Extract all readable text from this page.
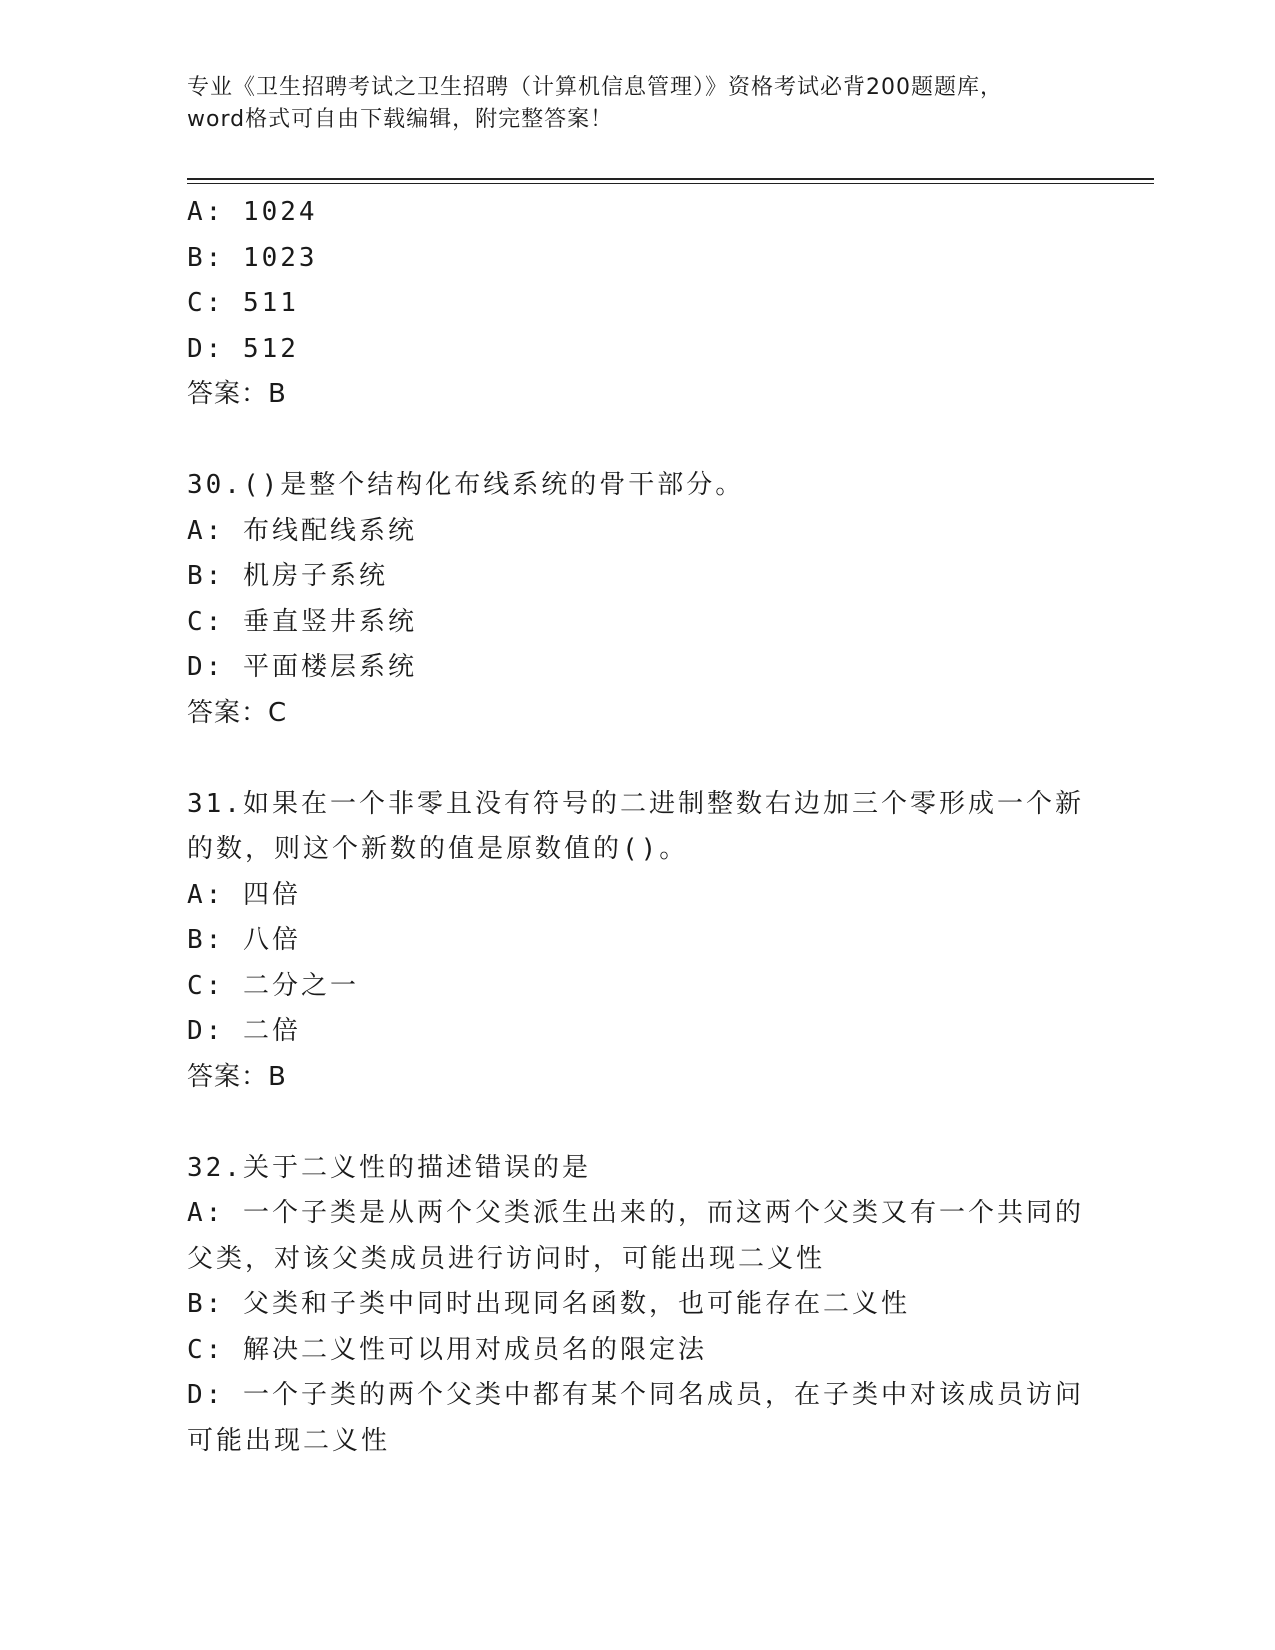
专业《卫生招聘考试之卫生招聘（计算机信息管理）》资格考试必背200题题库，
word格式可自由下载编辑，附完整答案！
A: 1024
B: 1023
C: 511
D: 512
答案：B
30.()是整个结构化布线系统的骨干部分。
A: 布线配线系统
B: 机房子系统
C: 垂直竖井系统
D: 平面楼层系统
答案：C
31.如果在一个非零且没有符号的二进制整数右边加三个零形成一个新
的数，则这个新数的值是原数值的()。
A: 四倍
B: 八倍
C: 二分之一
D: 二倍
答案：B
32.关于二义性的描述错误的是
A: 一个子类是从两个父类派生出来的，而这两个父类又有一个共同的
父类，对该父类成员进行访问时，可能出现二义性
B: 父类和子类中同时出现同名函数，也可能存在二义性
C: 解决二义性可以用对成员名的限定法
D: 一个子类的两个父类中都有某个同名成员，在子类中对该成员访问
可能出现二义性
